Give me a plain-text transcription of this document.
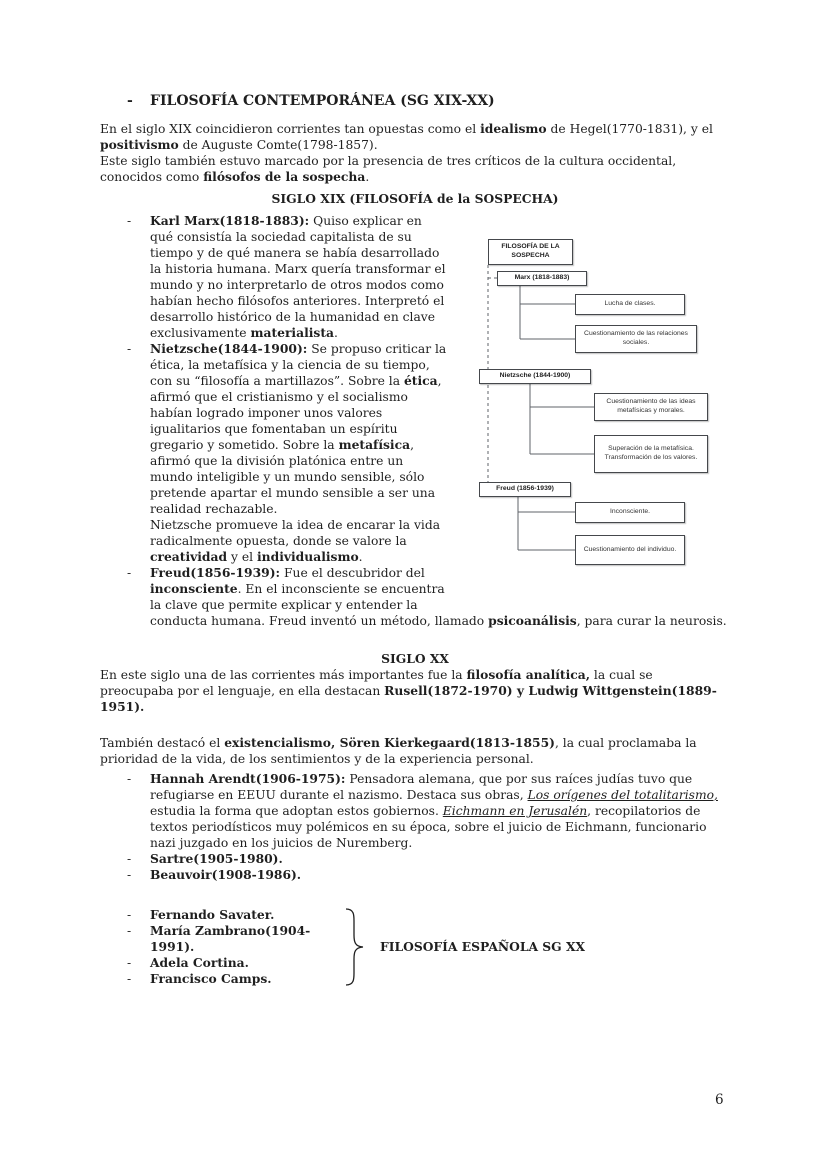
- FILOSOFÍA CONTEMPORÁNEA (SG XIX-XX)

En el siglo XIX coincidieron corrientes tan opuestas como el idealismo de Hegel(1770-1831), y el positivismo de Auguste Comte(1798-1857).

Este siglo también estuvo marcado por la presencia de tres críticos de la cultura occidental, conocidos como filósofos de la sospecha.

SIGLO XIX (FILOSOFÍA de la SOSPECHA)
FILOSOFÍA DE LA SOSPECHA
Marx (1818-1883)
Lucha de clases.
Cuestionamiento de las relaciones sociales.
Nietzsche (1844-1900)
Cuestionamiento de las ideas metafísicas y morales.
Superación de la metafísica. Transformación de los valores.
Freud (1856-1939)
Inconsciente.
Cuestionamiento del individuo.
- Karl Marx(1818-1883): Quiso explicar en qué consistía la sociedad capitalista de su tiempo y de qué manera se había desarrollado la historia humana. Marx quería transformar el mundo y no interpretarlo de otros modos como habían hecho filósofos anteriores. Interpretó el desarrollo histórico de la humanidad en clave exclusivamente materialista.
- Nietzsche(1844-1900): Se propuso criticar la ética, la metafísica y la ciencia de su tiempo, con su “filosofía a martillazos”. Sobre la ética, afirmó que el cristianismo y el socialismo habían logrado imponer unos valores igualitarios que fomentaban un espíritu gregario y sometido. Sobre la metafísica, afirmó que la división platónica entre un mundo inteligible y un mundo sensible, sólo pretende apartar el mundo sensible a ser una realidad rechazable.
Nietzsche promueve la idea de encarar la vida radicalmente opuesta, donde se valore la creatividad y el individualismo.
- Freud(1856-1939): Fue el descubridor del inconsciente. En el inconsciente se encuentra la clave que permite explicar y entender la conducta humana. Freud inventó un método, llamado psicoanálisis, para curar la neurosis.
SIGLO XX

En este siglo una de las corrientes más importantes fue la filosofía analítica, la cual se preocupaba por el lenguaje, en ella destacan Rusell(1872-1970) y Ludwig Wittgenstein(1889-1951).

También destacó el existencialismo, Sören Kierkegaard(1813-1855), la cual proclamaba la prioridad de la vida, de los sentimientos y de la experiencia personal.

- Hannah Arendt(1906-1975): Pensadora alemana, que por sus raíces judías tuvo que refugiarse en EEUU durante el nazismo. Destaca sus obras, Los orígenes del totalitarismo, estudia la forma que adoptan estos gobiernos. Eichmann en Jerusalén, recopilatorios de textos periodísticos muy polémicos en su época, sobre el juicio de Eichmann, funcionario nazi juzgado en los juicios de Nuremberg.
- Sartre(1905-1980).
- Beauvoir(1908-1986).
- Fernando Savater.
- María Zambrano(1904-1991).
- Adela Cortina.
- Francisco Camps.
FILOSOFÍA ESPAÑOLA SG XX
6
